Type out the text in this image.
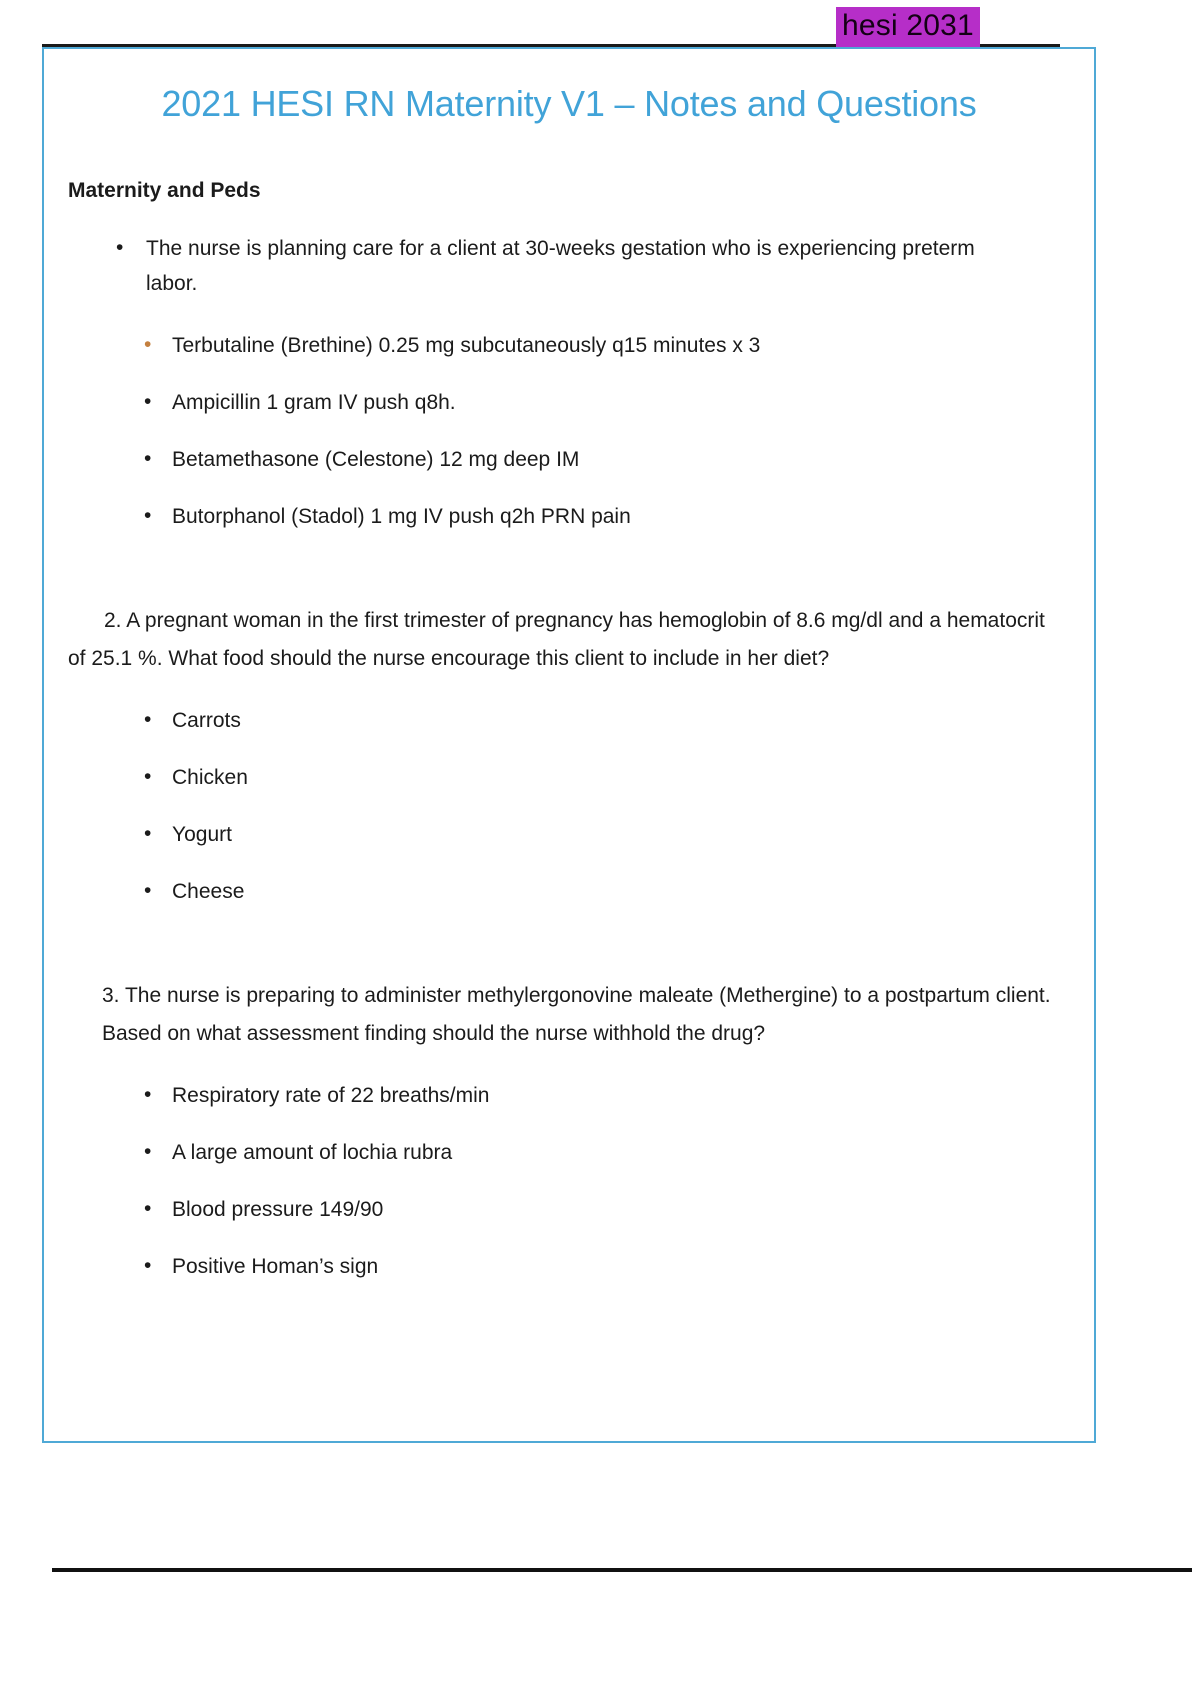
hesi 2031
2021 HESI RN Maternity V1 – Notes and Questions
Maternity and Peds
• The nurse is planning care for a client at 30-weeks gestation who is experiencing preterm labor.
• Terbutaline (Brethine) 0.25 mg subcutaneously q15 minutes x 3
• Ampicillin 1 gram IV push q8h.
• Betamethasone (Celestone) 12 mg deep IM
• Butorphanol (Stadol) 1 mg IV push q2h PRN pain
2. A pregnant woman in the first trimester of pregnancy has hemoglobin of 8.6 mg/dl and a hematocrit of 25.1 %. What food should the nurse encourage this client to include in her diet?
• Carrots
• Chicken
• Yogurt
• Cheese
3. The nurse is preparing to administer methylergonovine maleate (Methergine) to a postpartum client. Based on what assessment finding should the nurse withhold the drug?
• Respiratory rate of 22 breaths/min
• A large amount of lochia rubra
• Blood pressure 149/90
• Positive Homan’s sign
